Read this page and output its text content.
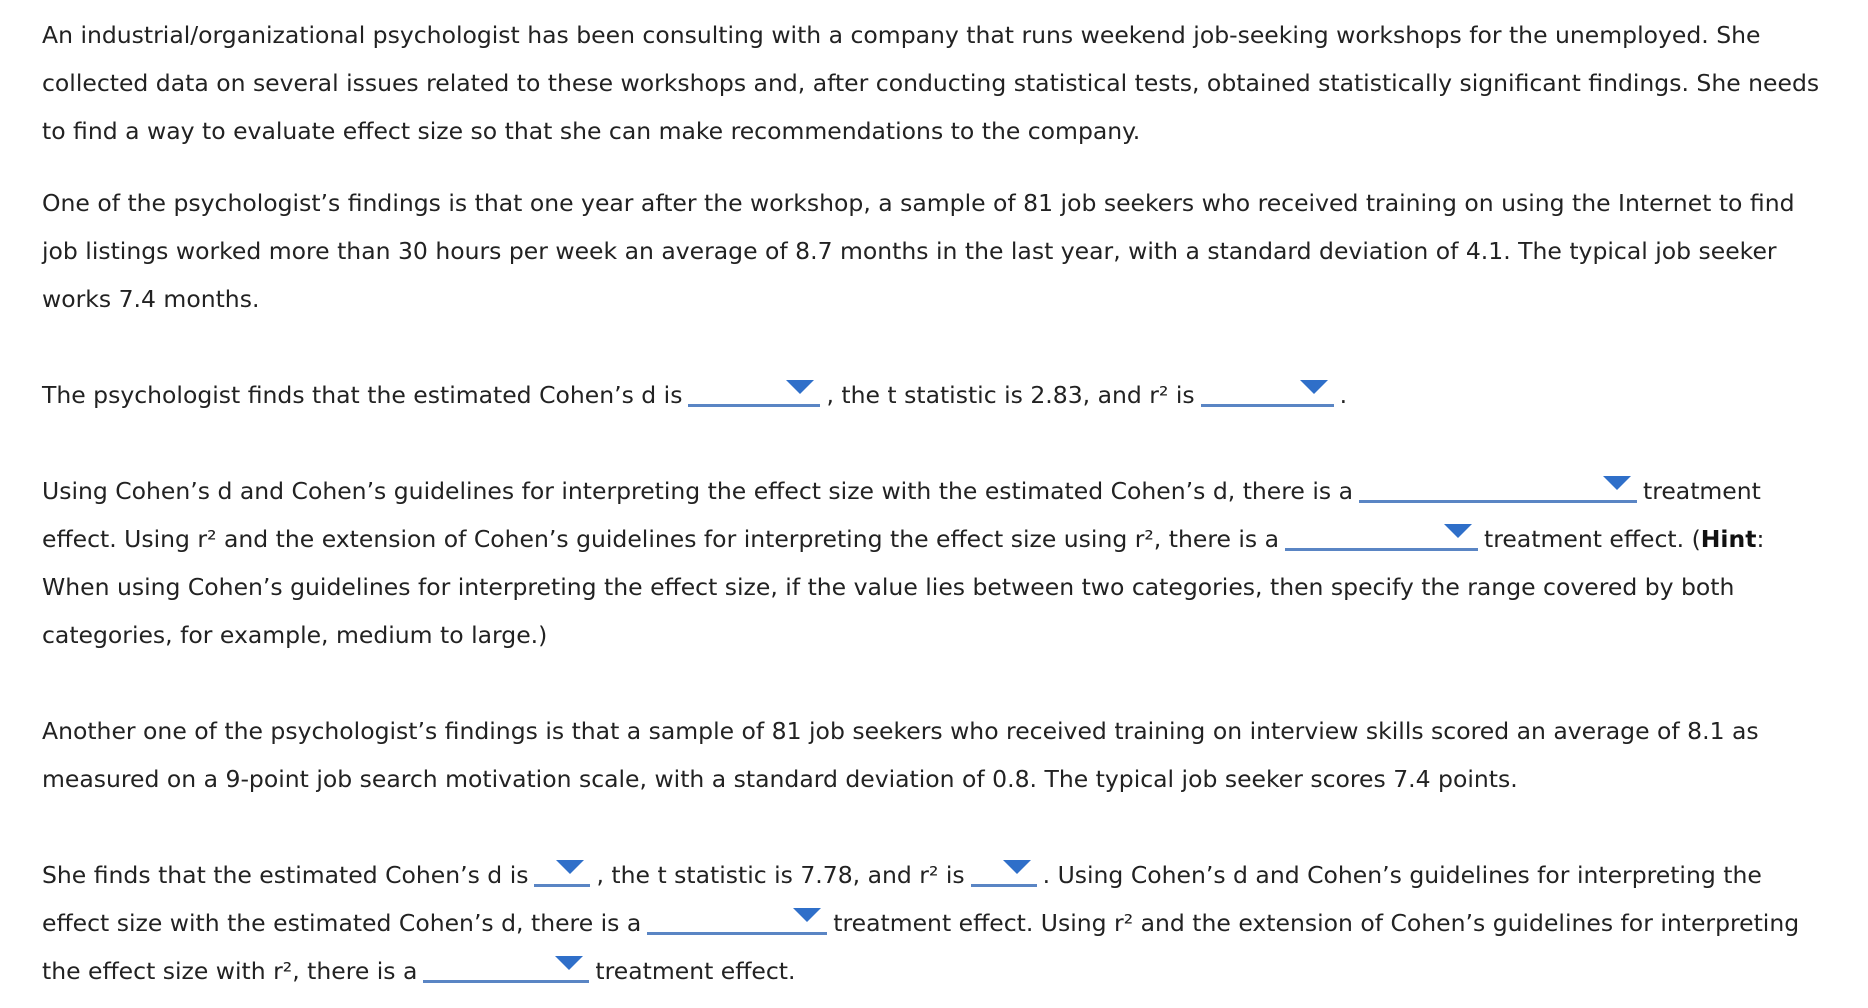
An industrial/organizational psychologist has been consulting with a company that runs weekend job-seeking workshops for the unemployed. She

collected data on several issues related to these workshops and, after conducting statistical tests, obtained statistically significant findings. She needs

to find a way to evaluate effect size so that she can make recommendations to the company.

One of the psychologist’s findings is that one year after the workshop, a sample of 81 job seekers who received training on using the Internet to find

job listings worked more than 30 hours per week an average of 8.7 months in the last year, with a standard deviation of 4.1. The typical job seeker

works 7.4 months.

The psychologist finds that the estimated Cohen’s d is	, the t statistic is 2.83, and r² is	.

Using Cohen’s d and Cohen’s guidelines for interpreting the effect size with the estimated Cohen’s d, there is a	treatment

effect. Using r² and the extension of Cohen’s guidelines for interpreting the effect size using r², there is a	treatment effect. (Hint:

When using Cohen’s guidelines for interpreting the effect size, if the value lies between two categories, then specify the range covered by both

categories, for example, medium to large.)

Another one of the psychologist’s findings is that a sample of 81 job seekers who received training on interview skills scored an average of 8.1 as

measured on a 9-point job search motivation scale, with a standard deviation of 0.8. The typical job seeker scores 7.4 points.

She finds that the estimated Cohen’s d is	, the t statistic is 7.78, and r² is	. Using Cohen’s d and Cohen’s guidelines for interpreting the

effect size with the estimated Cohen’s d, there is a	treatment effect. Using r² and the extension of Cohen’s guidelines for interpreting

the effect size with r², there is a	treatment effect.
